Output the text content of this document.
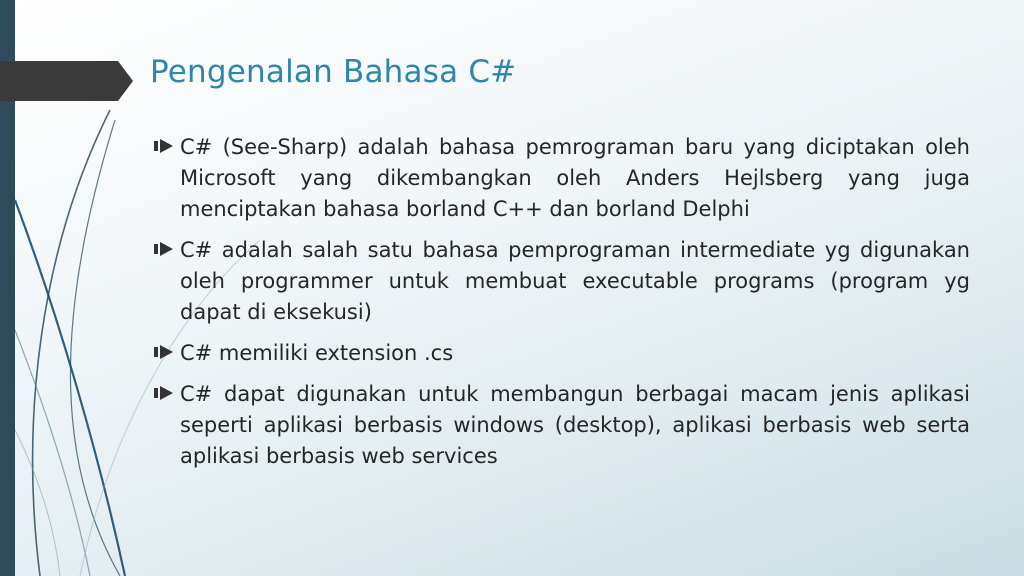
Pengenalan Bahasa C#
C# (See-Sharp) adalah bahasa pemrograman baru yang diciptakan oleh Microsoft yang dikembangkan oleh Anders Hejlsberg yang juga menciptakan bahasa borland C++ dan borland Delphi
C# adalah salah satu bahasa pemprograman intermediate yg digunakan oleh programmer untuk membuat executable programs (program yg dapat di eksekusi)
C# memiliki extension .cs
C# dapat digunakan untuk membangun berbagai macam jenis aplikasi seperti aplikasi berbasis windows (desktop), aplikasi berbasis web serta aplikasi berbasis web services
